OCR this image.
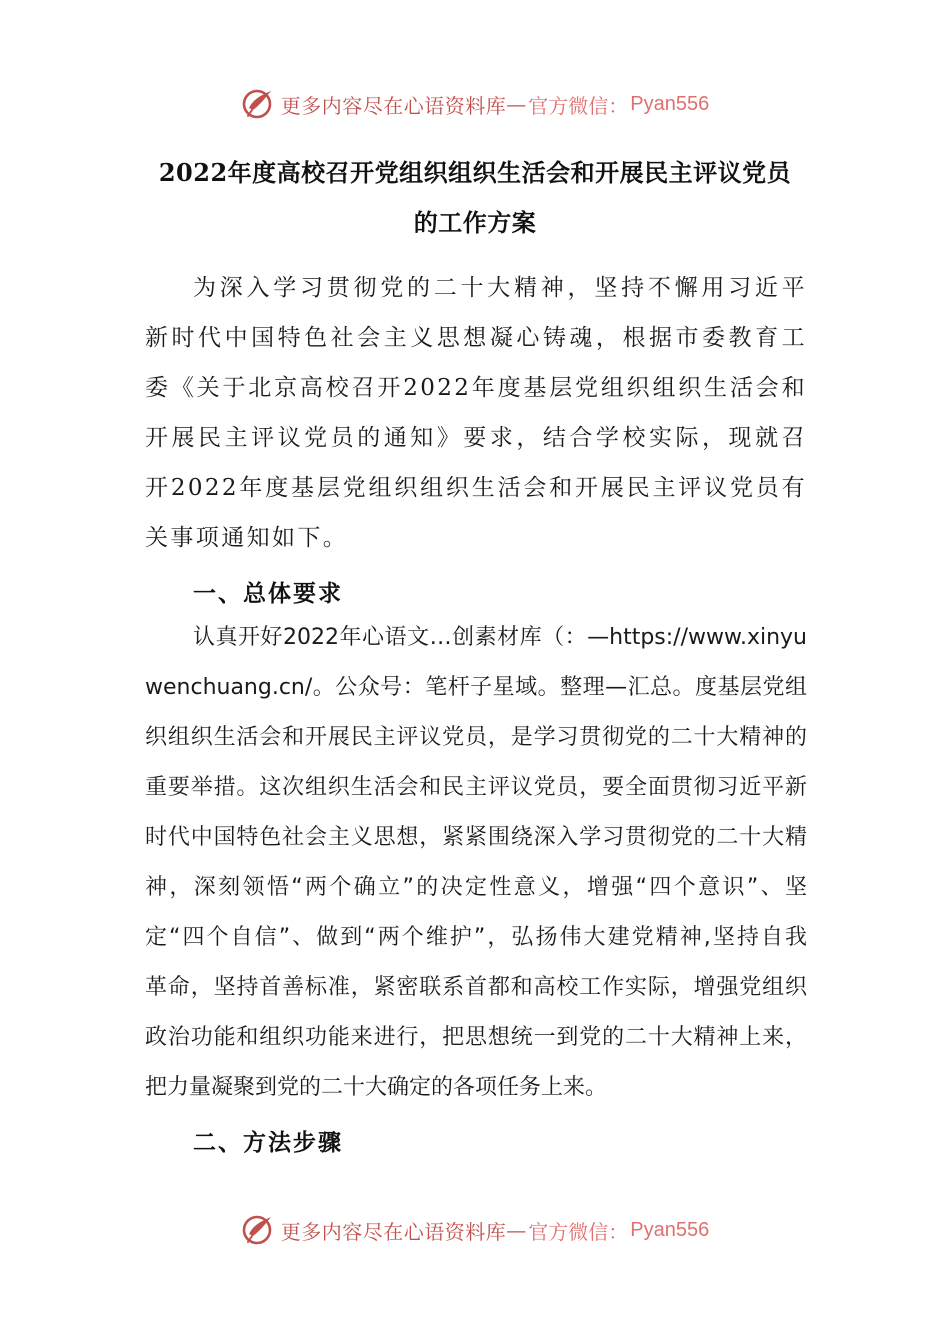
更多内容尽在心语资料库 — 官方微信： Pyan556
2022年度高校召开党组织组织生活会和开展民主评议党员
的工作方案
为深入学习贯彻党的二十大精神，坚持不懈用习近平
新时代中国特色社会主义思想凝心铸魂，根据市委教育工
委《关于北京高校召开2022年度基层党组织组织生活会和
开展民主评议党员的通知》要求，结合学校实际，现就召
开2022年度基层党组织组织生活会和开展民主评议党员有
关事项通知如下。
一、总体要求
认真开好2022年心语文…创素材库（：—https://www.xinyu
wenchuang.cn/。公众号：笔杆子星域。整理—汇总。度基层党组
织组织生活会和开展民主评议党员，是学习贯彻党的二十大精神的
重要举措。这次组织生活会和民主评议党员，要全面贯彻习近平新
时代中国特色社会主义思想，紧紧围绕深入学习贯彻党的二十大精
神，深刻领悟“两个确立”的决定性意义，增强“四个意识”、坚
定“四个自信”、做到“两个维护”，弘扬伟大建党精神,坚持自我
革命，坚持首善标准，紧密联系首都和高校工作实际，增强党组织
政治功能和组织功能来进行，把思想统一到党的二十大精神上来，
把力量凝聚到党的二十大确定的各项任务上来。
二、方法步骤
更多内容尽在心语资料库 — 官方微信： Pyan556
